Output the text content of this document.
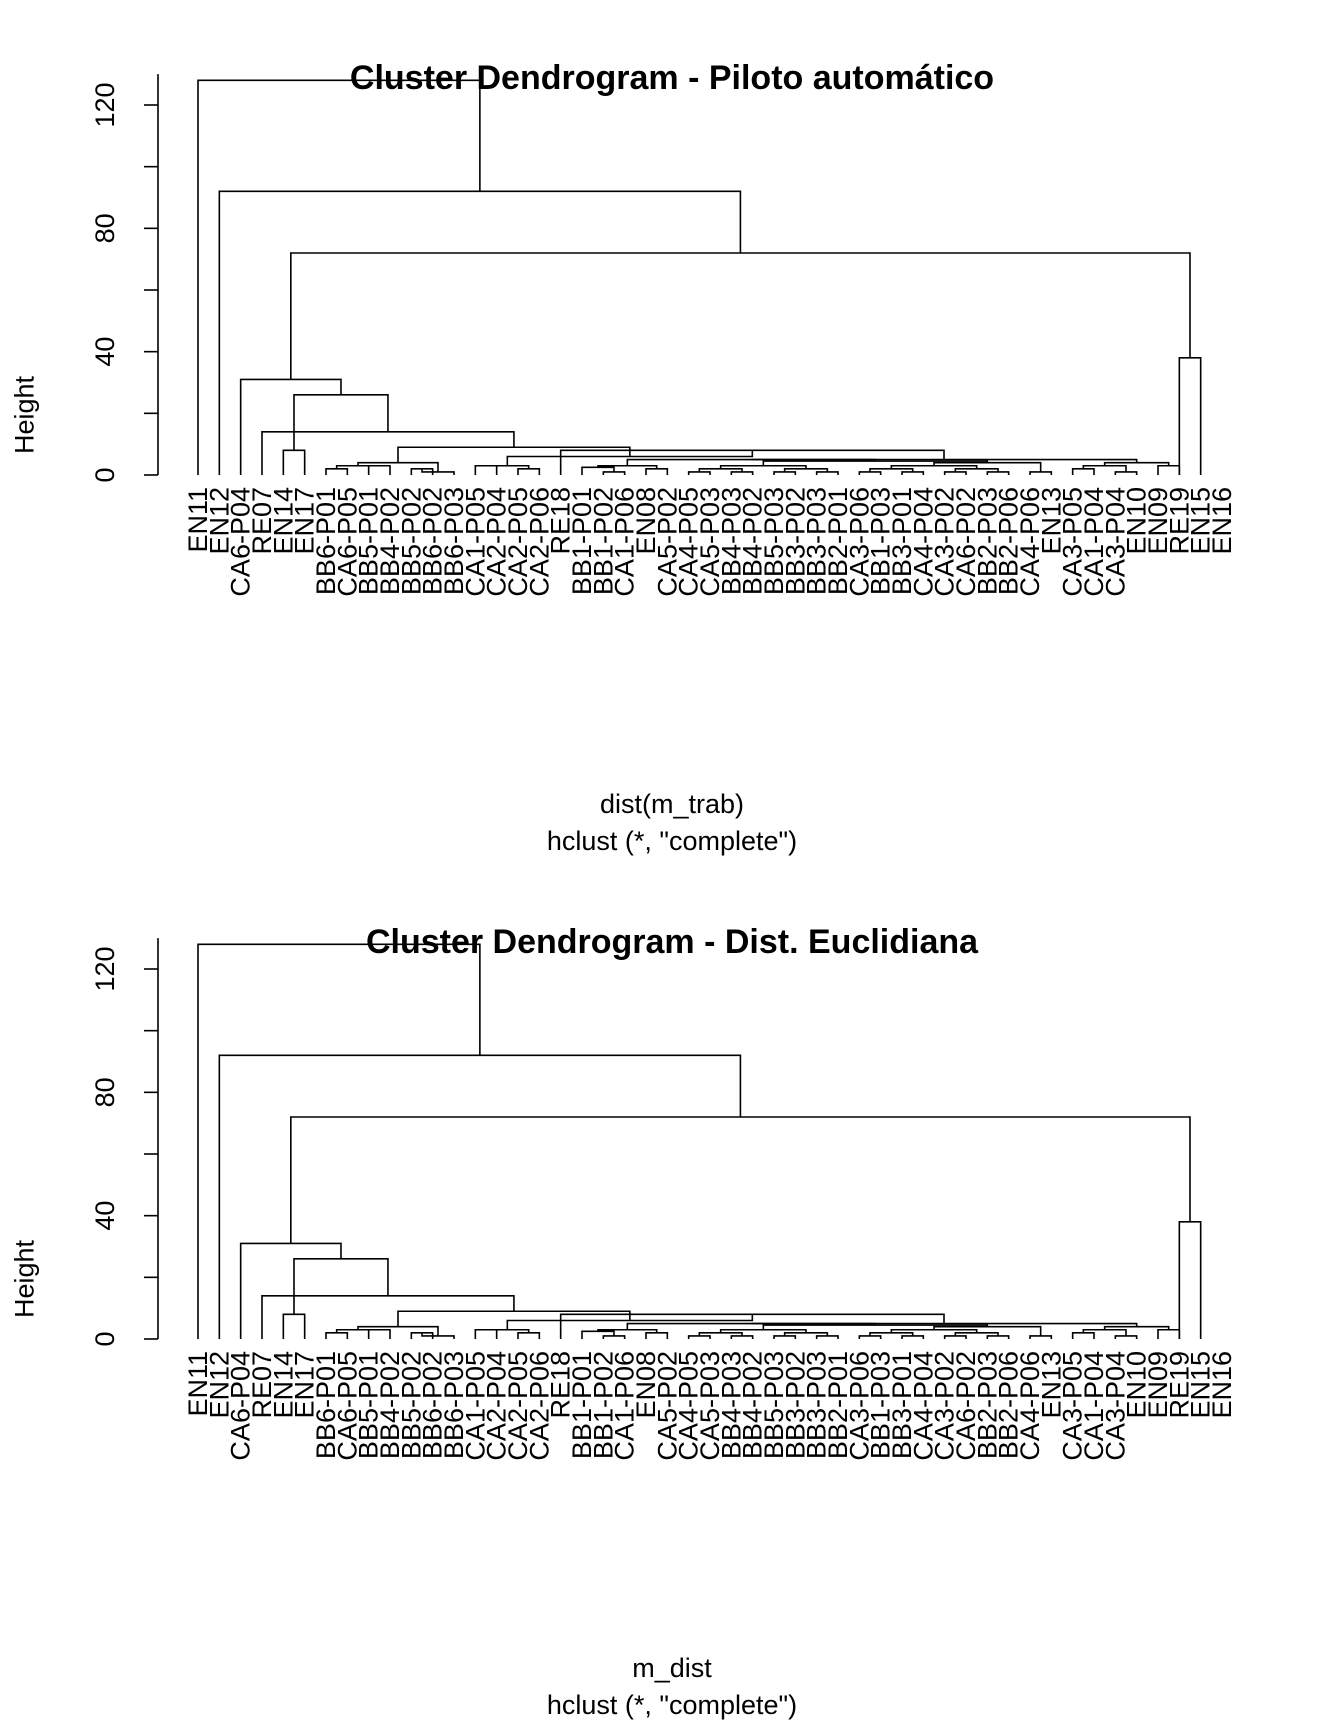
Cluster Dendrogram - Piloto automático
0
40
80
120
EN11
EN12
CA6-P04
RE07
EN14
EN17
BB6-P01
CA6-P05
BB5-P01
BB4-P02
BB5-P02
BB6-P02
BB6-P03
CA1-P05
CA2-P04
CA2-P05
CA2-P06
RE18
BB1-P01
BB1-P02
CA1-P06
EN08
CA5-P02
CA4-P05
CA5-P03
BB4-P03
BB4-P02
BB5-P03
BB3-P02
BB3-P03
BB2-P01
CA3-P06
BB1-P03
BB3-P01
CA4-P04
CA3-P02
CA6-P02
BB2-P03
BB2-P06
CA4-P06
EN13
CA3-P05
CA1-P04
CA3-P04
EN10
EN09
RE19
EN15
EN16
Height
dist(m_trab)
hclust (*, "complete")
Cluster Dendrogram - Dist. Euclidiana
0
40
80
120
EN11
EN12
CA6-P04
RE07
EN14
EN17
BB6-P01
CA6-P05
BB5-P01
BB4-P02
BB5-P02
BB6-P02
BB6-P03
CA1-P05
CA2-P04
CA2-P05
CA2-P06
RE18
BB1-P01
BB1-P02
CA1-P06
EN08
CA5-P02
CA4-P05
CA5-P03
BB4-P03
BB4-P02
BB5-P03
BB3-P02
BB3-P03
BB2-P01
CA3-P06
BB1-P03
BB3-P01
CA4-P04
CA3-P02
CA6-P02
BB2-P03
BB2-P06
CA4-P06
EN13
CA3-P05
CA1-P04
CA3-P04
EN10
EN09
RE19
EN15
EN16
Height
m_dist
hclust (*, "complete")
